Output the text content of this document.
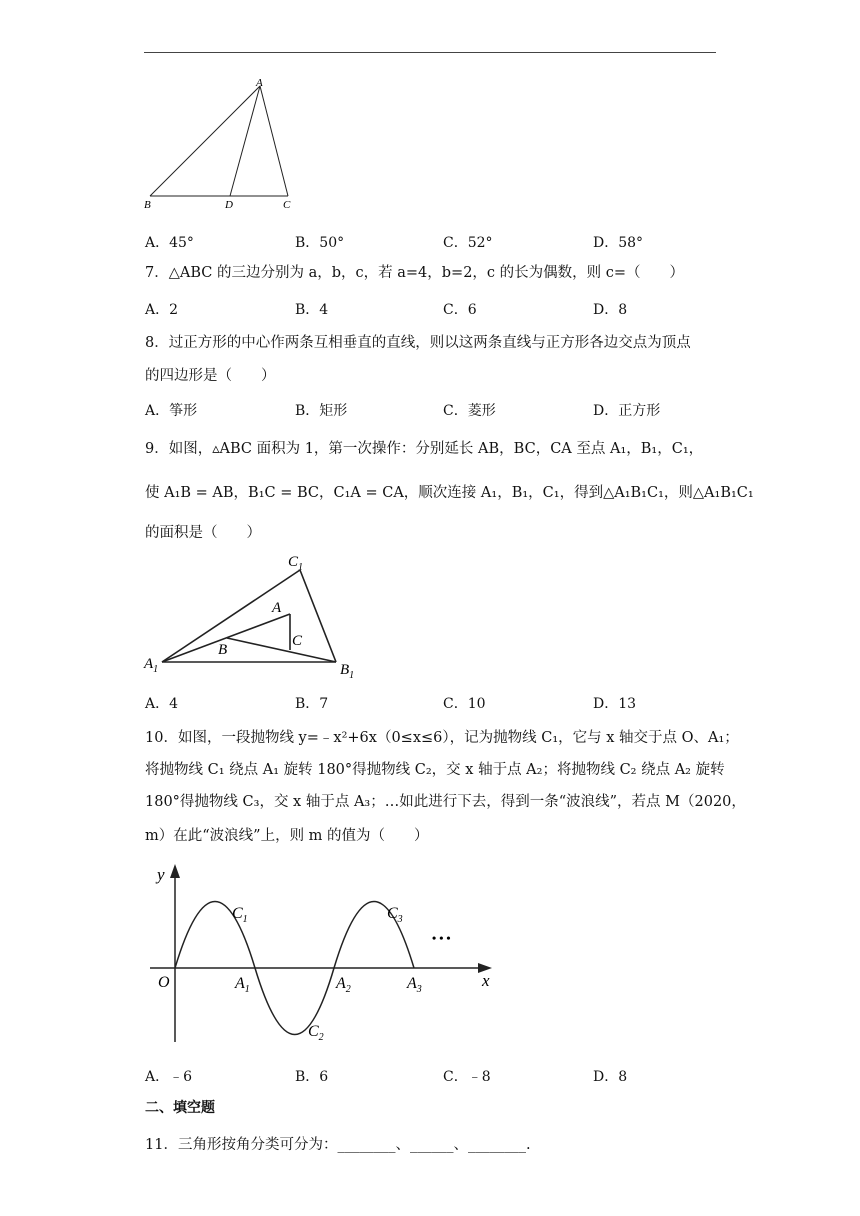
A
B	D	C
A．45°	B．50°	C．52°	D．58°
7．△ABC 的三边分别为 a，b，c，若 a=4，b=2，c 的长为偶数，则 c=（　　）
A．2	B．4	C．6	D．8
8．过正方形的中心作两条互相垂直的直线，则以这两条直线与正方形各边交点为顶点
的四边形是（　　）
A．筝形	B．矩形	C．菱形	D．正方形
9．如图，▵ABC 面积为 1，第一次操作：分别延长 AB，BC，CA 至点 A₁，B₁，C₁，
使 A₁B = AB，B₁C = BC，C₁A = CA，顺次连接 A₁，B₁，C₁，得到△A₁B₁C₁，则△A₁B₁C₁
的面积是（　　）
$C_1$
A
C
B
$A_1$	$B_1$
A．4	B．7	C．10	D．13
10．如图，一段抛物线 y=﹣x²+6x（0≤x≤6），记为抛物线 C₁，它与 x 轴交于点 O、A₁；
将抛物线 C₁ 绕点 A₁ 旋转 180°得抛物线 C₂，交 x 轴于点 A₂；将抛物线 C₂ 绕点 A₂ 旋转
180°得抛物线 C₃，交 x 轴于点 A₃；…如此进行下去，得到一条“波浪线”，若点 M（2020，
m）在此“波浪线”上，则 m 的值为（　　）
y
x
O
$C_1$
$C_2$
$C_3$
$A_1$	$A_2$	$A_3$
• • •
A．﹣6	B．6	C．﹣8	D．8
二、填空题
11．三角形按角分类可分为：________、______、________.
